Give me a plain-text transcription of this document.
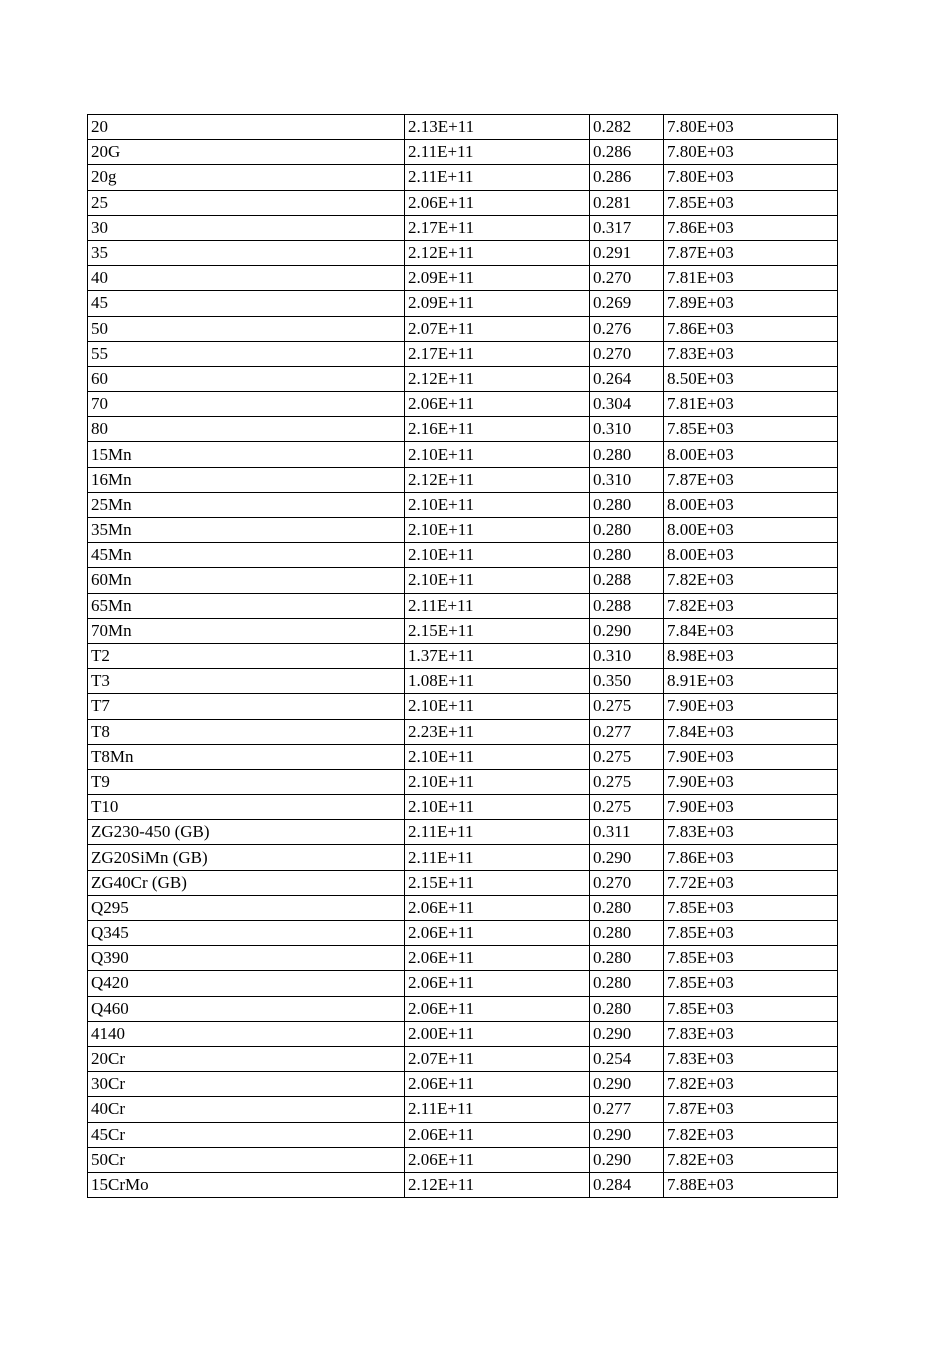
20	2.13E+11	0.282	7.80E+03
20G	2.11E+11	0.286	7.80E+03
20g	2.11E+11	0.286	7.80E+03
25	2.06E+11	0.281	7.85E+03
30	2.17E+11	0.317	7.86E+03
35	2.12E+11	0.291	7.87E+03
40	2.09E+11	0.270	7.81E+03
45	2.09E+11	0.269	7.89E+03
50	2.07E+11	0.276	7.86E+03
55	2.17E+11	0.270	7.83E+03
60	2.12E+11	0.264	8.50E+03
70	2.06E+11	0.304	7.81E+03
80	2.16E+11	0.310	7.85E+03
15Mn	2.10E+11	0.280	8.00E+03
16Mn	2.12E+11	0.310	7.87E+03
25Mn	2.10E+11	0.280	8.00E+03
35Mn	2.10E+11	0.280	8.00E+03
45Mn	2.10E+11	0.280	8.00E+03
60Mn	2.10E+11	0.288	7.82E+03
65Mn	2.11E+11	0.288	7.82E+03
70Mn	2.15E+11	0.290	7.84E+03
T2	1.37E+11	0.310	8.98E+03
T3	1.08E+11	0.350	8.91E+03
T7	2.10E+11	0.275	7.90E+03
T8	2.23E+11	0.277	7.84E+03
T8Mn	2.10E+11	0.275	7.90E+03
T9	2.10E+11	0.275	7.90E+03
T10	2.10E+11	0.275	7.90E+03
ZG230-450 (GB)	2.11E+11	0.311	7.83E+03
ZG20SiMn (GB)	2.11E+11	0.290	7.86E+03
ZG40Cr (GB)	2.15E+11	0.270	7.72E+03
Q295	2.06E+11	0.280	7.85E+03
Q345	2.06E+11	0.280	7.85E+03
Q390	2.06E+11	0.280	7.85E+03
Q420	2.06E+11	0.280	7.85E+03
Q460	2.06E+11	0.280	7.85E+03
4140	2.00E+11	0.290	7.83E+03
20Cr	2.07E+11	0.254	7.83E+03
30Cr	2.06E+11	0.290	7.82E+03
40Cr	2.11E+11	0.277	7.87E+03
45Cr	2.06E+11	0.290	7.82E+03
50Cr	2.06E+11	0.290	7.82E+03
15CrMo	2.12E+11	0.284	7.88E+03
